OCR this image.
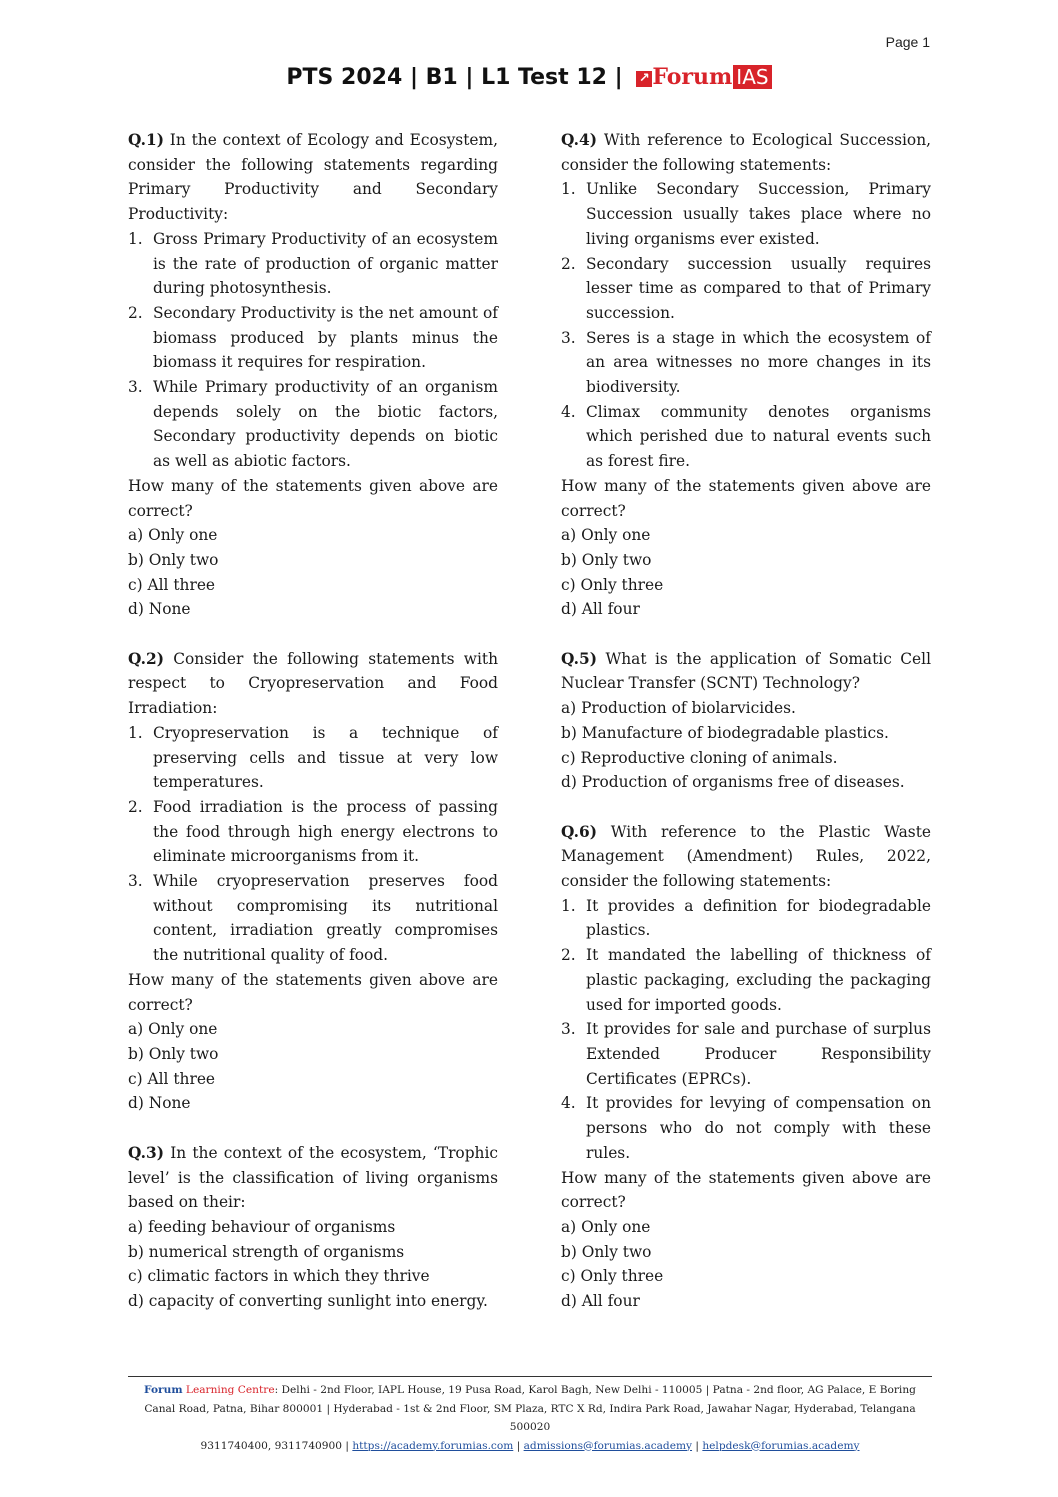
Page 1
PTS 2024 | B1 | L1 Test 12 | ↗ Forum IAS
Q.1) In the context of Ecology and Ecosystem, consider the following statements regarding Primary Productivity and Secondary Productivity:
1. Gross Primary Productivity of an ecosystem is the rate of production of organic matter during photosynthesis.
2. Secondary Productivity is the net amount of biomass produced by plants minus the biomass it requires for respiration.
3. While Primary productivity of an organism depends solely on the biotic factors, Secondary productivity depends on biotic as well as abiotic factors.
How many of the statements given above are correct?
a) Only one
b) Only two
c) All three
d) None
Q.2) Consider the following statements with respect to Cryopreservation and Food Irradiation:
1. Cryopreservation is a technique of preserving cells and tissue at very low temperatures.
2. Food irradiation is the process of passing the food through high energy electrons to eliminate microorganisms from it.
3. While cryopreservation preserves food without compromising its nutritional content, irradiation greatly compromises the nutritional quality of food.
How many of the statements given above are correct?
a) Only one
b) Only two
c) All three
d) None
Q.3) In the context of the ecosystem, ‘Trophic level’ is the classification of living organisms based on their:
a) feeding behaviour of organisms
b) numerical strength of organisms
c) climatic factors in which they thrive
d) capacity of converting sunlight into energy.
Q.4) With reference to Ecological Succession, consider the following statements:
1. Unlike Secondary Succession, Primary Succession usually takes place where no living organisms ever existed.
2. Secondary succession usually requires lesser time as compared to that of Primary succession.
3. Seres is a stage in which the ecosystem of an area witnesses no more changes in its biodiversity.
4. Climax community denotes organisms which perished due to natural events such as forest fire.
How many of the statements given above are correct?
a) Only one
b) Only two
c) Only three
d) All four
Q.5) What is the application of Somatic Cell Nuclear Transfer (SCNT) Technology?
a) Production of biolarvicides.
b) Manufacture of biodegradable plastics.
c) Reproductive cloning of animals.
d) Production of organisms free of diseases.
Q.6) With reference to the Plastic Waste Management (Amendment) Rules, 2022, consider the following statements:
1. It provides a definition for biodegradable plastics.
2. It mandated the labelling of thickness of plastic packaging, excluding the packaging used for imported goods.
3. It provides for sale and purchase of surplus Extended Producer Responsibility Certificates (EPRCs).
4. It provides for levying of compensation on persons who do not comply with these rules.
How many of the statements given above are correct?
a) Only one
b) Only two
c) Only three
d) All four
Forum Learning Centre: Delhi - 2nd Floor, IAPL House, 19 Pusa Road, Karol Bagh, New Delhi - 110005 | Patna - 2nd floor, AG Palace, E Boring Canal Road, Patna, Bihar 800001 | Hyderabad - 1st & 2nd Floor, SM Plaza, RTC X Rd, Indira Park Road, Jawahar Nagar, Hyderabad, Telangana 500020
9311740400, 9311740900 | https://academy.forumias.com | admissions@forumias.academy | helpdesk@forumias.academy
